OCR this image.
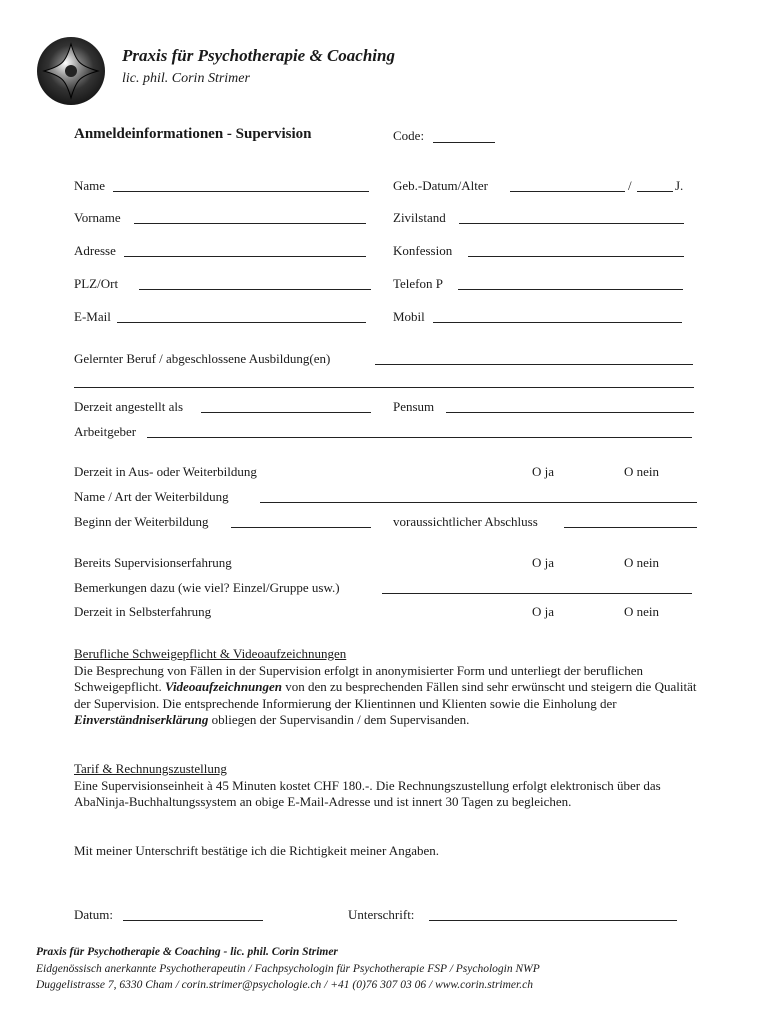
Praxis für Psychotherapie & Coaching
lic. phil. Corin Strimer
Anmeldeinformationen - Supervision	Code:
Name	Geb.-Datum/Alter	/	J.
Vorname	Zivilstand
Adresse	Konfession
PLZ/Ort	Telefon P
E-Mail	Mobil
Gelernter Beruf / abgeschlossene Ausbildung(en)
Derzeit angestellt als	Pensum
Arbeitgeber
Derzeit in Aus- oder Weiterbildung	O ja	O nein
Name / Art der Weiterbildung
Beginn der Weiterbildung	voraussichtlicher Abschluss
Bereits Supervisionserfahrung	O ja	O nein
Bemerkungen dazu (wie viel? Einzel/Gruppe usw.)
Derzeit in Selbsterfahrung	O ja	O nein
Berufliche Schweigepflicht & Videoaufzeichnungen
Die Besprechung von Fällen in der Supervision erfolgt in anonymisierter Form und unterliegt der beruflichen Schweigepflicht. Videoaufzeichnungen von den zu besprechenden Fällen sind sehr erwünscht und steigern die Qualität der Supervision. Die entsprechende Informierung der Klientinnen und Klienten sowie die Einholung der Einverständniserklärung obliegen der Supervisandin / dem Supervisanden.
Tarif & Rechnungszustellung
Eine Supervisionseinheit à 45 Minuten kostet CHF 180.-. Die Rechnungszustellung erfolgt elektronisch über das AbaNinja-Buchhaltungssystem an obige E-Mail-Adresse und ist innert 30 Tagen zu begleichen.
Mit meiner Unterschrift bestätige ich die Richtigkeit meiner Angaben.
Datum:	Unterschrift:
Praxis für Psychotherapie & Coaching - lic. phil. Corin Strimer
Eidgenössisch anerkannte Psychotherapeutin / Fachpsychologin für Psychotherapie FSP / Psychologin NWP
Duggelistrasse 7, 6330 Cham / corin.strimer@psychologie.ch / +41 (0)76 307 03 06 / www.corin.strimer.ch
